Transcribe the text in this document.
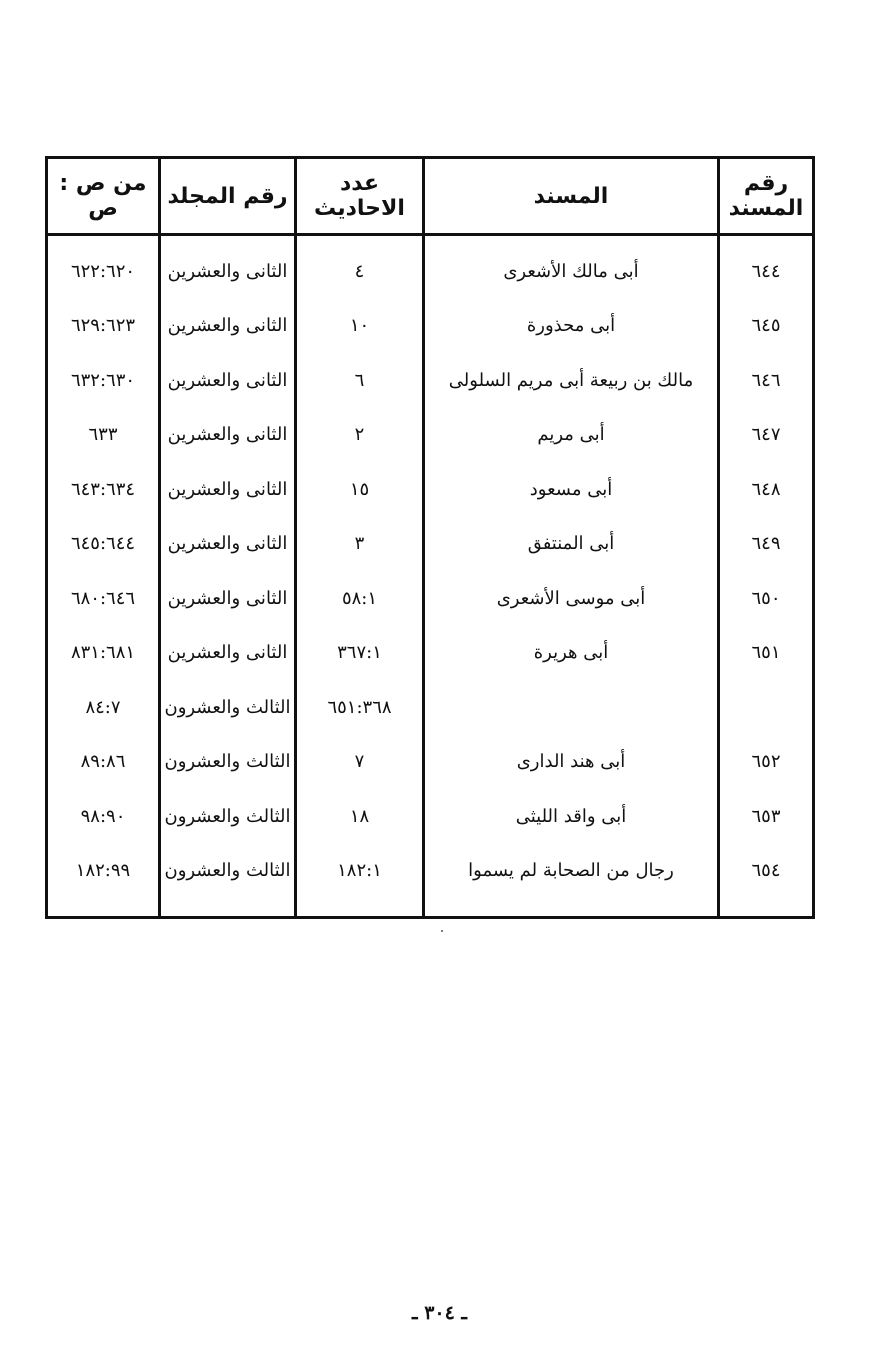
رقم المسند	المسند	عدد الاحاديث	رقم المجلد	من ص : ص
٦٤٤	أبى مالك الأشعرى	٤	الثانى والعشرين	٦٢٢:٦٢٠
٦٤٥	أبى محذورة	١٠	الثانى والعشرين	٦٢٩:٦٢٣
٦٤٦	مالك بن ربيعة أبى مريم السلولى	٦	الثانى والعشرين	٦٣٢:٦٣٠
٦٤٧	أبى مريم	٢	الثانى والعشرين	٦٣٣
٦٤٨	أبى مسعود	١٥	الثانى والعشرين	٦٤٣:٦٣٤
٦٤٩	أبى المنتفق	٣	الثانى والعشرين	٦٤٥:٦٤٤
٦٥٠	أبى موسى الأشعرى	٥٨:١	الثانى والعشرين	٦٨٠:٦٤٦
٦٥١	أبى هريرة	٣٦٧:١	الثانى والعشرين	٨٣١:٦٨١
		٦٥١:٣٦٨	الثالث والعشرون	٨٤:٧
٦٥٢	أبى هند الدارى	٧	الثالث والعشرون	٨٩:٨٦
٦٥٣	أبى واقد الليثى	١٨	الثالث والعشرون	٩٨:٩٠
٦٥٤	رجال من الصحابة لم يسموا	١٨٢:١	الثالث والعشرون	١٨٢:٩٩
ـ ٣٠٤ ـ
